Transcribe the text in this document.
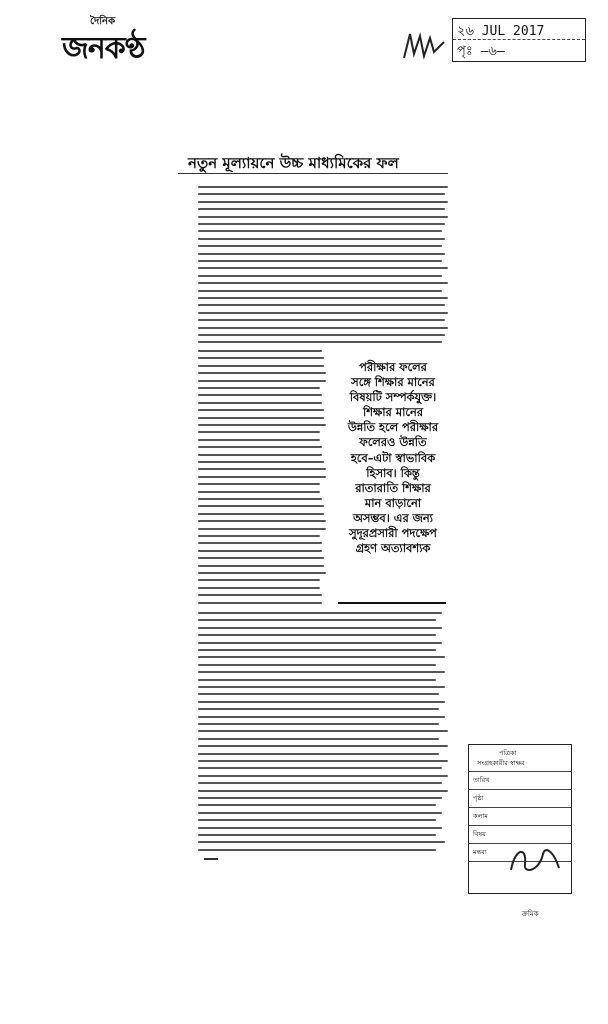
দৈনিক
জনকণ্ঠ	২৬ JUL 2017
পৃঃ —৬—
নতুন মূল্যায়নে উচ্চ মাধ্যমিকের ফল
পরীক্ষার ফলের
সঙ্গে শিক্ষার মানের
বিষয়টি সম্পর্কযুক্ত।
শিক্ষার মানের
উন্নতি হলে পরীক্ষার
ফলেরও উন্নতি
হবে–এটা স্বাভাবিক
হিসাব। কিন্তু
রাতারাতি শিক্ষার
মান বাড়ানো
অসম্ভব। এর জন্য
সুদূরপ্রসারী পদক্ষেপ
গ্রহণ অত্যাবশ্যক
পত্রিকা
সংগ্রহকারীর স্বাক্ষর
তারিখ
পৃষ্ঠা
কলাম
বিষয়
মন্তব্য
ক্রমিক
